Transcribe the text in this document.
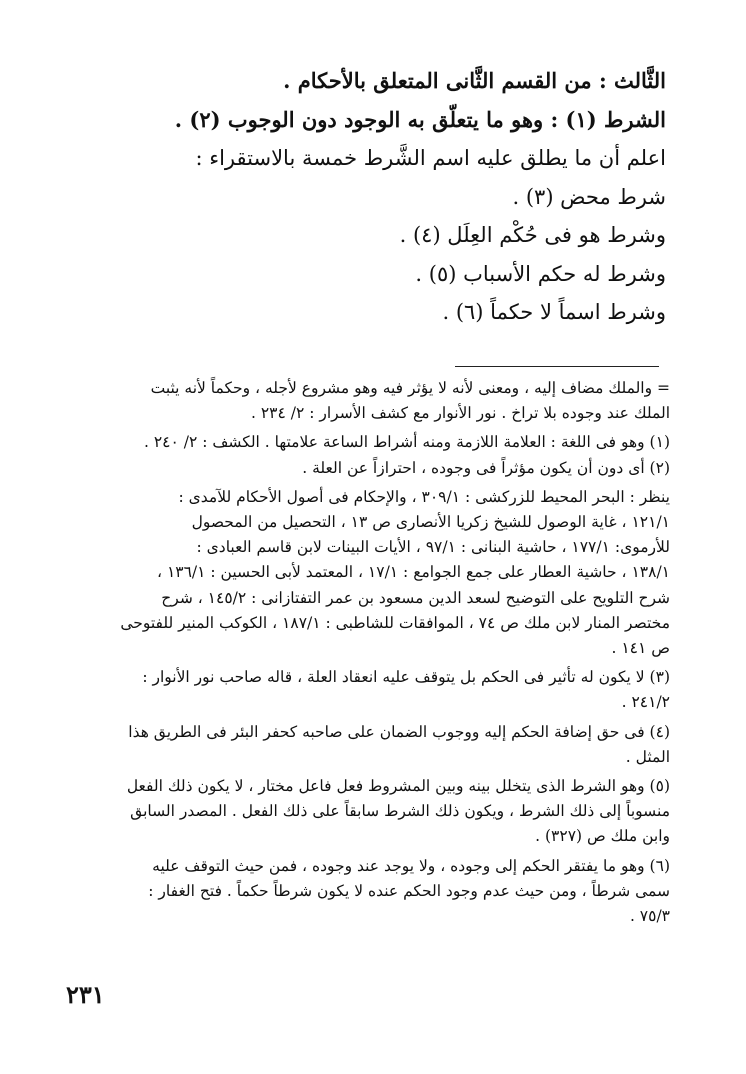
الثَّالث : من القسم الثَّانى المتعلق بالأحكام .
الشرط (١) : وهو ما يتعلّق به الوجود دون الوجوب (٢) .
اعلم أن ما يطلق عليه اسم الشَّرط خمسة بالاستقراء :
شرط محض (٣) .
وشرط هو فى حُكْم العِلَل (٤) .
وشرط له حكم الأسباب (٥) .
وشرط اسماً لا حكماً (٦) .
= والملك مضاف إليه ، ومعنى لأنه لا يؤثر فيه وهو مشروع لأجله ، وحكماً لأنه يثبت
الملك عند وجوده بلا تراخ . نور الأنوار مع كشف الأسرار : ٢/ ٢٣٤ .
(١) وهو فى اللغة : العلامة اللازمة ومنه أشراط الساعة علامتها . الكشف : ٢/ ٢٤٠ .
(٢) أى دون أن يكون مؤثراً فى وجوده ، احترازاً عن العلة .
ينظر : البحر المحيط للزركشى : ٣٠٩/١ ، والإحكام فى أصول الأحكام للآمدى :
١٢١/١ ، غاية الوصول للشيخ زكريا الأنصارى ص ١٣ ، التحصيل من المحصول
للأرموى: ١٧٧/١ ، حاشية البنانى : ٩٧/١ ، الأيات البينات لابن قاسم العبادى :
١٣٨/١ ، حاشية العطار على جمع الجوامع : ١٧/١ ، المعتمد لأبى الحسين : ١٣٦/١ ،
شرح التلويح على التوضيح لسعد الدين مسعود بن عمر التفتازانى : ١٤٥/٢ ، شرح
مختصر المنار لابن ملك ص ٧٤ ، الموافقات للشاطبى : ١٨٧/١ ، الكوكب المنير للفتوحى
ص ١٤١ .
(٣) لا يكون له تأثير فى الحكم بل يتوقف عليه انعقاد العلة ، قاله صاحب نور الأنوار :
٢٤١/٢ .
(٤) فى حق إضافة الحكم إليه ووجوب الضمان على صاحبه كحفر البئر فى الطريق هذا
المثل .
(٥) وهو الشرط الذى يتخلل بينه وبين المشروط فعل فاعل مختار ، لا يكون ذلك الفعل
منسوباً إلى ذلك الشرط ، ويكون ذلك الشرط سابقاً على ذلك الفعل . المصدر السابق
وابن ملك ص (٣٢٧) .
(٦) وهو ما يفتقر الحكم إلى وجوده ، ولا يوجد عند وجوده ، فمن حيث التوقف عليه
سمى شرطاً ، ومن حيث عدم وجود الحكم عنده لا يكون شرطاً حكماً . فتح الغفار :
٧٥/٣ .
٢٣١
